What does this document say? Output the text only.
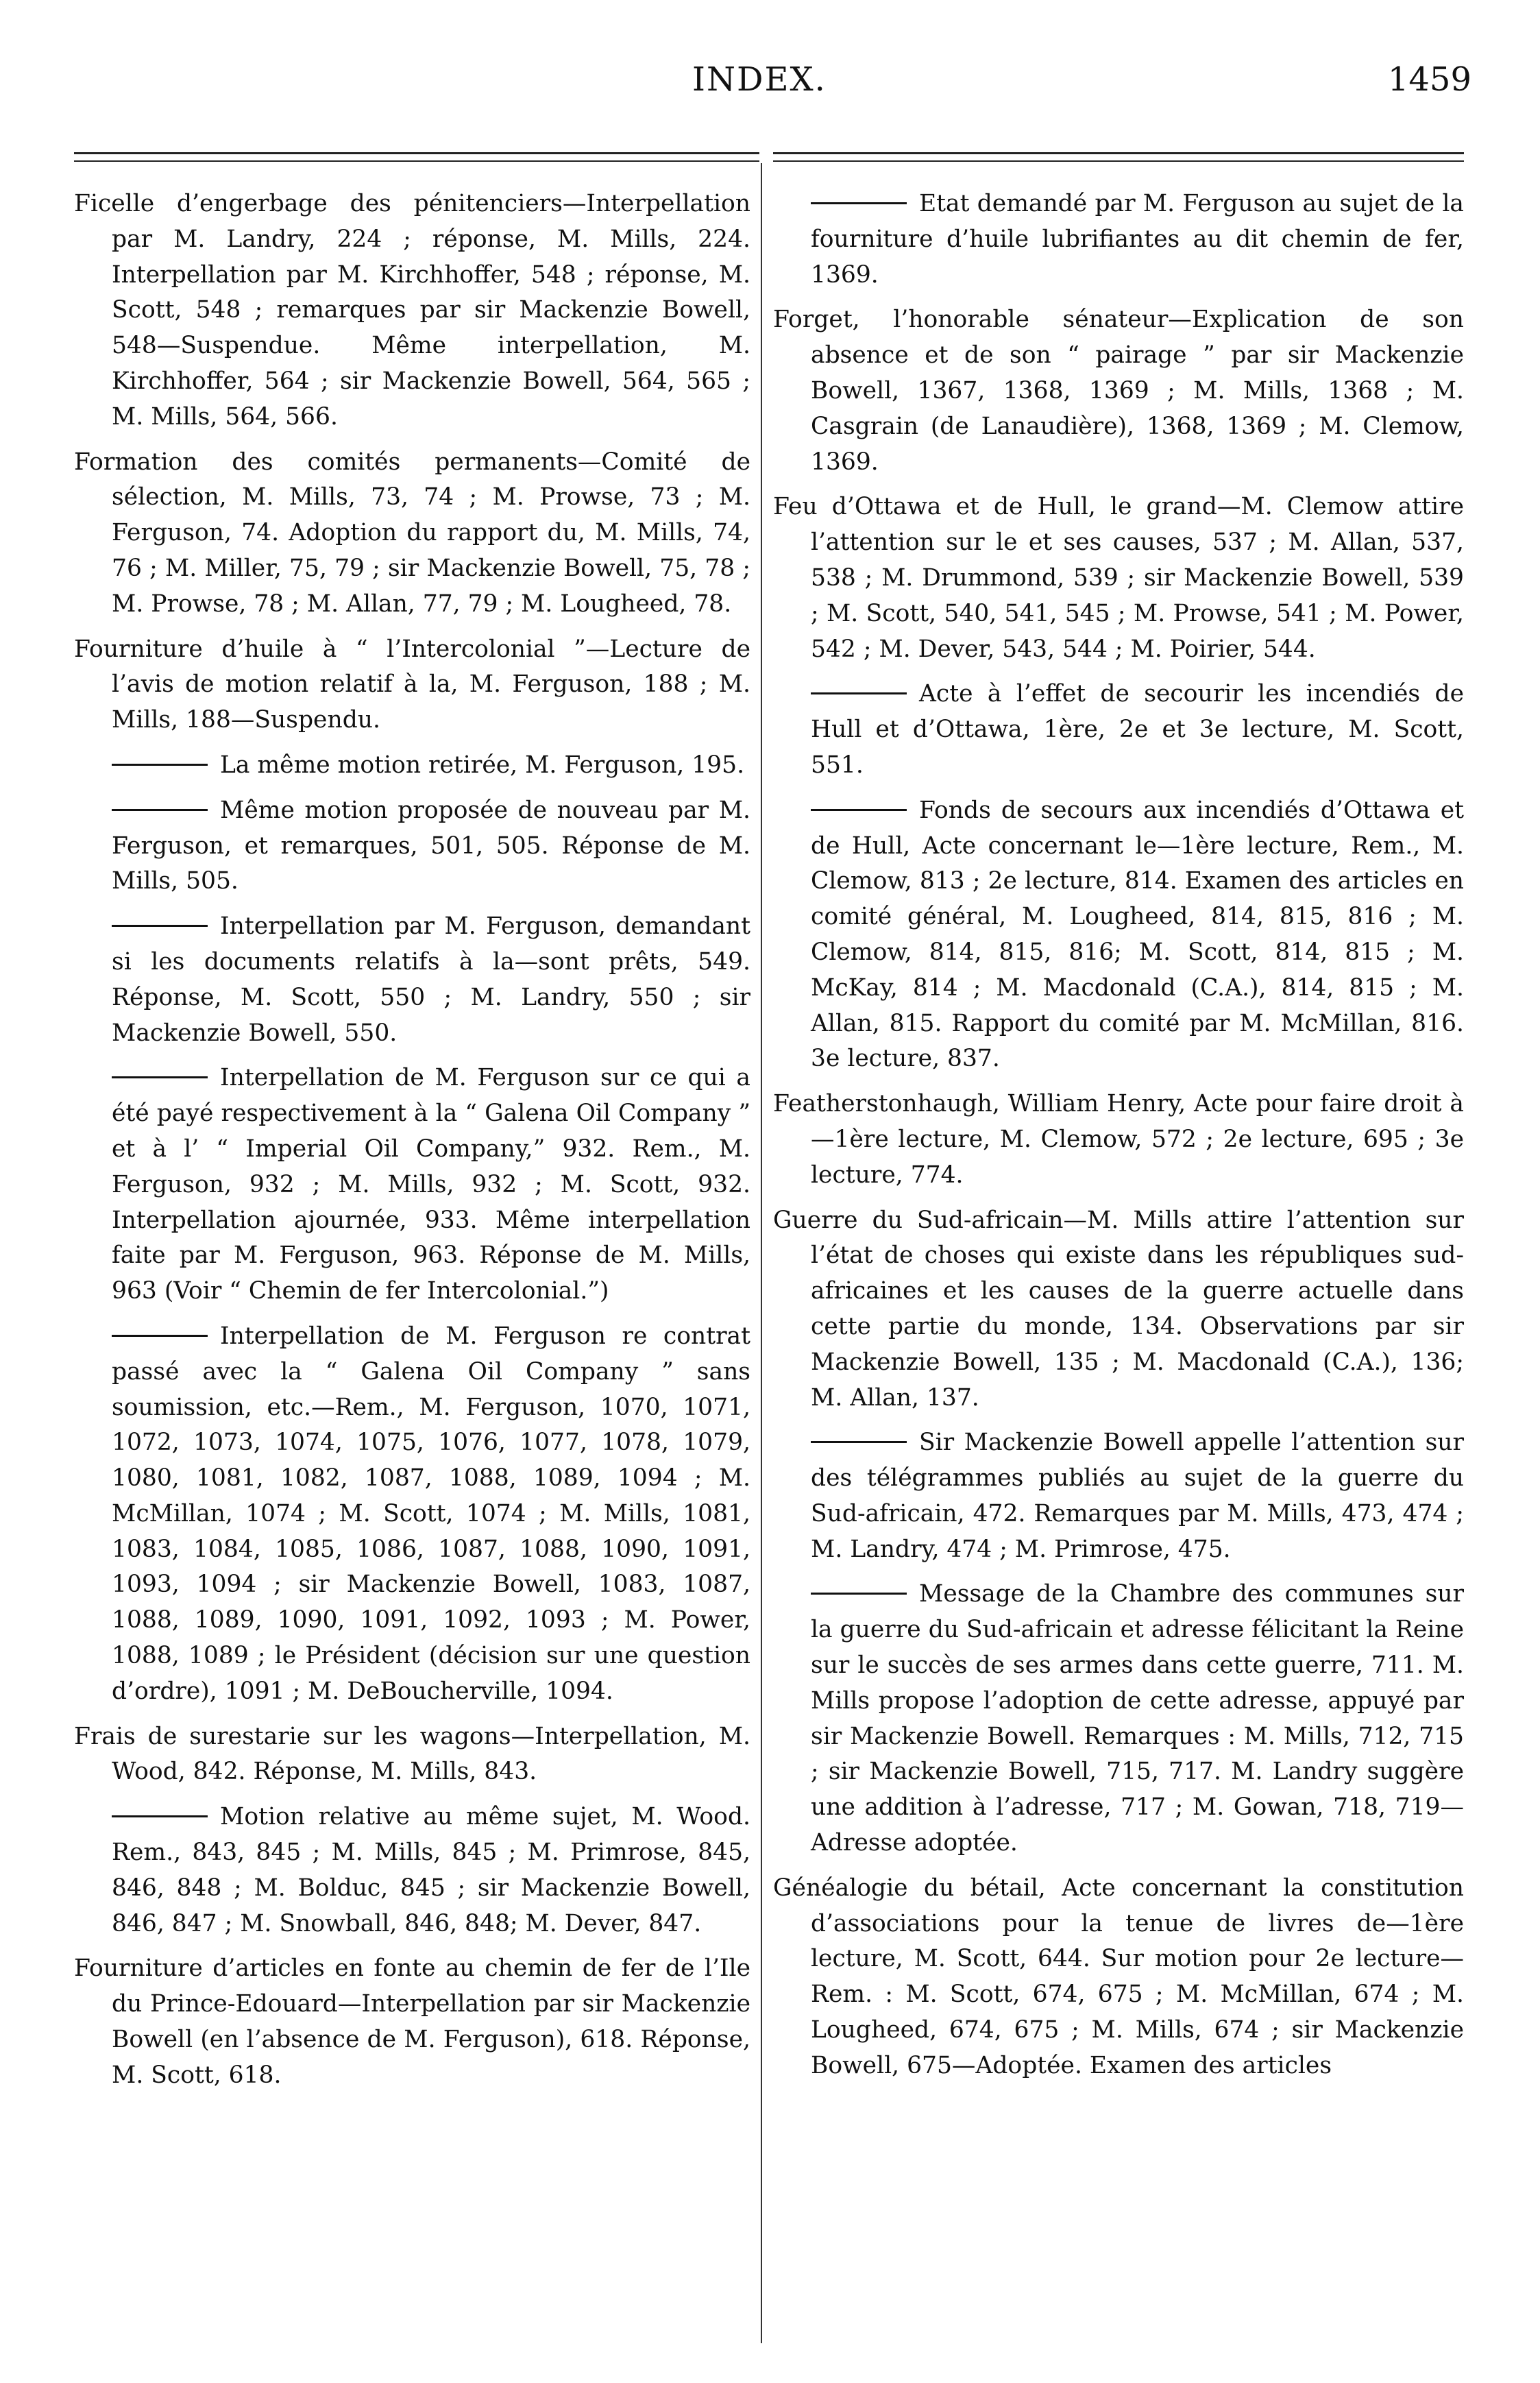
INDEX.	1459

Ficelle d’engerbage des pénitenciers—Interpellation par M. Landry, 224 ; réponse, M. Mills, 224. Interpellation par M. Kirchhoffer, 548 ; réponse, M. Scott, 548 ; remarques par sir Mackenzie Bowell, 548—Suspendue. Même interpellation, M. Kirchhoffer, 564 ; sir Mackenzie Bowell, 564, 565 ; M. Mills, 564, 566.

Formation des comités permanents—Comité de sélection, M. Mills, 73, 74 ; M. Prowse, 73 ; M. Ferguson, 74. Adoption du rapport du, M. Mills, 74, 76 ; M. Miller, 75, 79 ; sir Mackenzie Bowell, 75, 78 ; M. Prowse, 78 ; M. Allan, 77, 79 ; M. Lougheed, 78.

Fourniture d’huile à “ l’Intercolonial ”—Lecture de l’avis de motion relatif à la, M. Ferguson, 188 ; M. Mills, 188—Suspendu.

La même motion retirée, M. Ferguson, 195.

Même motion proposée de nouveau par M. Ferguson, et remarques, 501, 505. Réponse de M. Mills, 505.

Interpellation par M. Ferguson, demandant si les documents relatifs à la—sont prêts, 549. Réponse, M. Scott, 550 ; M. Landry, 550 ; sir Mackenzie Bowell, 550.

Interpellation de M. Ferguson sur ce qui a été payé respectivement à la “ Galena Oil Company ” et à l’ “ Imperial Oil Company,” 932. Rem., M. Ferguson, 932 ; M. Mills, 932 ; M. Scott, 932. Interpellation ajournée, 933. Même interpellation faite par M. Ferguson, 963. Réponse de M. Mills, 963 (Voir “ Chemin de fer Intercolonial.”)

Interpellation de M. Ferguson re contrat passé avec la “ Galena Oil Company ” sans soumission, etc.—Rem., M. Ferguson, 1070, 1071, 1072, 1073, 1074, 1075, 1076, 1077, 1078, 1079, 1080, 1081, 1082, 1087, 1088, 1089, 1094 ; M. McMillan, 1074 ; M. Scott, 1074 ; M. Mills, 1081, 1083, 1084, 1085, 1086, 1087, 1088, 1090, 1091, 1093, 1094 ; sir Mackenzie Bowell, 1083, 1087, 1088, 1089, 1090, 1091, 1092, 1093 ; M. Power, 1088, 1089 ; le Président (décision sur une question d’ordre), 1091 ; M. DeBoucherville, 1094.

Frais de surestarie sur les wagons—Interpellation, M. Wood, 842. Réponse, M. Mills, 843.

Motion relative au même sujet, M. Wood. Rem., 843, 845 ; M. Mills, 845 ; M. Primrose, 845, 846, 848 ; M. Bolduc, 845 ; sir Mackenzie Bowell, 846, 847 ; M. Snowball, 846, 848; M. Dever, 847.

Fourniture d’articles en fonte au chemin de fer de l’Ile du Prince-Edouard—Interpellation par sir Mackenzie Bowell (en l’absence de M. Ferguson), 618. Réponse, M. Scott, 618.

Etat demandé par M. Ferguson au sujet de la fourniture d’huile lubrifiantes au dit chemin de fer, 1369.

Forget, l’honorable sénateur—Explication de son absence et de son “ pairage ” par sir Mackenzie Bowell, 1367, 1368, 1369 ; M. Mills, 1368 ; M. Casgrain (de Lanaudière), 1368, 1369 ; M. Clemow, 1369.

Feu d’Ottawa et de Hull, le grand—M. Clemow attire l’attention sur le et ses causes, 537 ; M. Allan, 537, 538 ; M. Drummond, 539 ; sir Mackenzie Bowell, 539 ; M. Scott, 540, 541, 545 ; M. Prowse, 541 ; M. Power, 542 ; M. Dever, 543, 544 ; M. Poirier, 544.

Acte à l’effet de secourir les incendiés de Hull et d’Ottawa, 1ère, 2e et 3e lecture, M. Scott, 551.

Fonds de secours aux incendiés d’Ottawa et de Hull, Acte concernant le—1ère lecture, Rem., M. Clemow, 813 ; 2e lecture, 814. Examen des articles en comité général, M. Lougheed, 814, 815, 816 ; M. Clemow, 814, 815, 816; M. Scott, 814, 815 ; M. McKay, 814 ; M. Macdonald (C.A.), 814, 815 ; M. Allan, 815. Rapport du comité par M. McMillan, 816. 3e lecture, 837.

Featherstonhaugh, William Henry, Acte pour faire droit à—1ère lecture, M. Clemow, 572 ; 2e lecture, 695 ; 3e lecture, 774.

Guerre du Sud-africain—M. Mills attire l’attention sur l’état de choses qui existe dans les républiques sud-africaines et les causes de la guerre actuelle dans cette partie du monde, 134. Observations par sir Mackenzie Bowell, 135 ; M. Macdonald (C.A.), 136; M. Allan, 137.

Sir Mackenzie Bowell appelle l’attention sur des télégrammes publiés au sujet de la guerre du Sud-africain, 472. Remarques par M. Mills, 473, 474 ; M. Landry, 474 ; M. Primrose, 475.

Message de la Chambre des communes sur la guerre du Sud-africain et adresse félicitant la Reine sur le succès de ses armes dans cette guerre, 711. M. Mills propose l’adoption de cette adresse, appuyé par sir Mackenzie Bowell. Remarques : M. Mills, 712, 715 ; sir Mackenzie Bowell, 715, 717. M. Landry suggère une addition à l’adresse, 717 ; M. Gowan, 718, 719—Adresse adoptée.

Généalogie du bétail, Acte concernant la constitution d’associations pour la tenue de livres de—1ère lecture, M. Scott, 644. Sur motion pour 2e lecture—Rem. : M. Scott, 674, 675 ; M. McMillan, 674 ; M. Lougheed, 674, 675 ; M. Mills, 674 ; sir Mackenzie Bowell, 675—Adoptée. Examen des articles
